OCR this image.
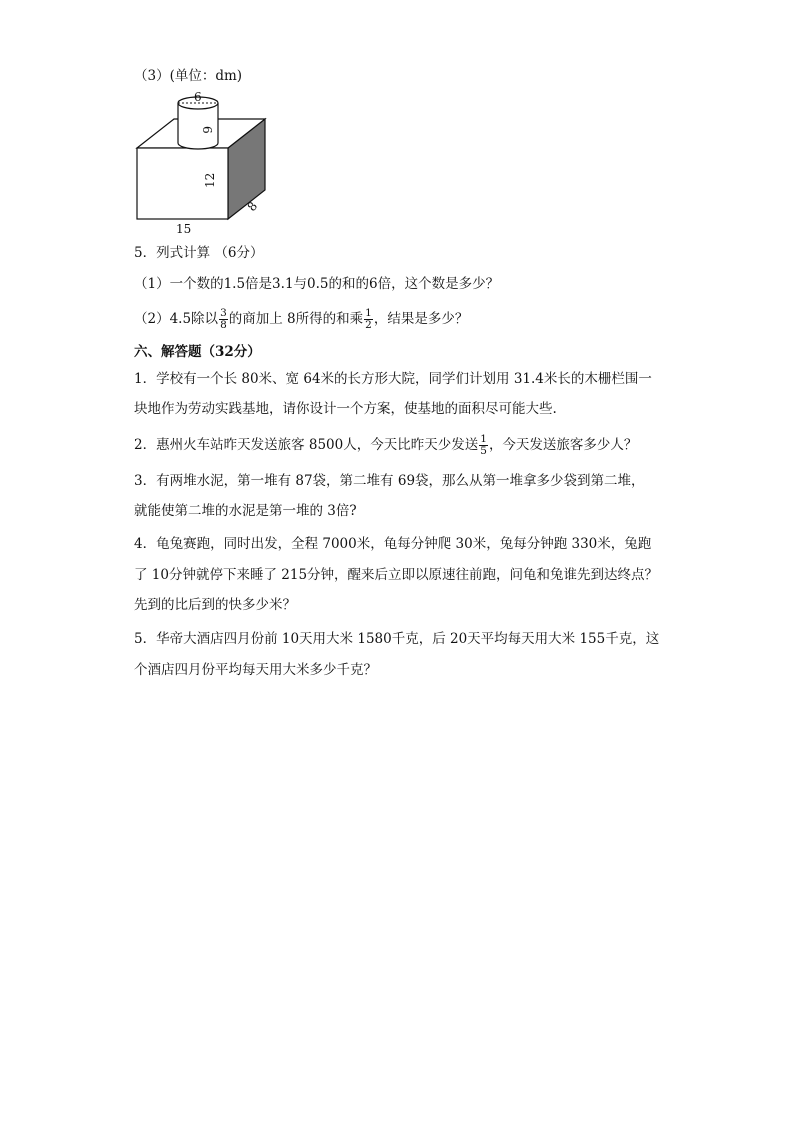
（3）(单位：dm)
6
6
12
8
15
5．列式计算 （6分）
（1）一个数的1.5倍是3.1与0.5的和的6倍，这个数是多少？
（2）4.5除以 $\frac{3}{8}$ 的商加上 8所得的和乘 $\frac{1}{2}$ ，结果是多少？
六、解答题（32分）
1．学校有一个长 80米、宽 64米的长方形大院，同学们计划用 31.4米长的木栅栏围一
块地作为劳动实践基地，请你设计一个方案，使基地的面积尽可能大些.
2．惠州火车站昨天发送旅客 8500人，今天比昨天少发送 $\frac{1}{5}$ ，今天发送旅客多少人？
3．有两堆水泥，第一堆有 87袋，第二堆有 69袋，那么从第一堆拿多少袋到第二堆，
就能使第二堆的水泥是第一堆的 3倍?
4．龟兔赛跑，同时出发，全程 7000米，龟每分钟爬 30米，兔每分钟跑 330米，兔跑
了 10分钟就停下来睡了 215分钟，醒来后立即以原速往前跑，问龟和兔谁先到达终点？
先到的比后到的快多少米？
5．华帝大酒店四月份前 10天用大米 1580千克，后 20天平均每天用大米 155千克，这
个酒店四月份平均每天用大米多少千克？
